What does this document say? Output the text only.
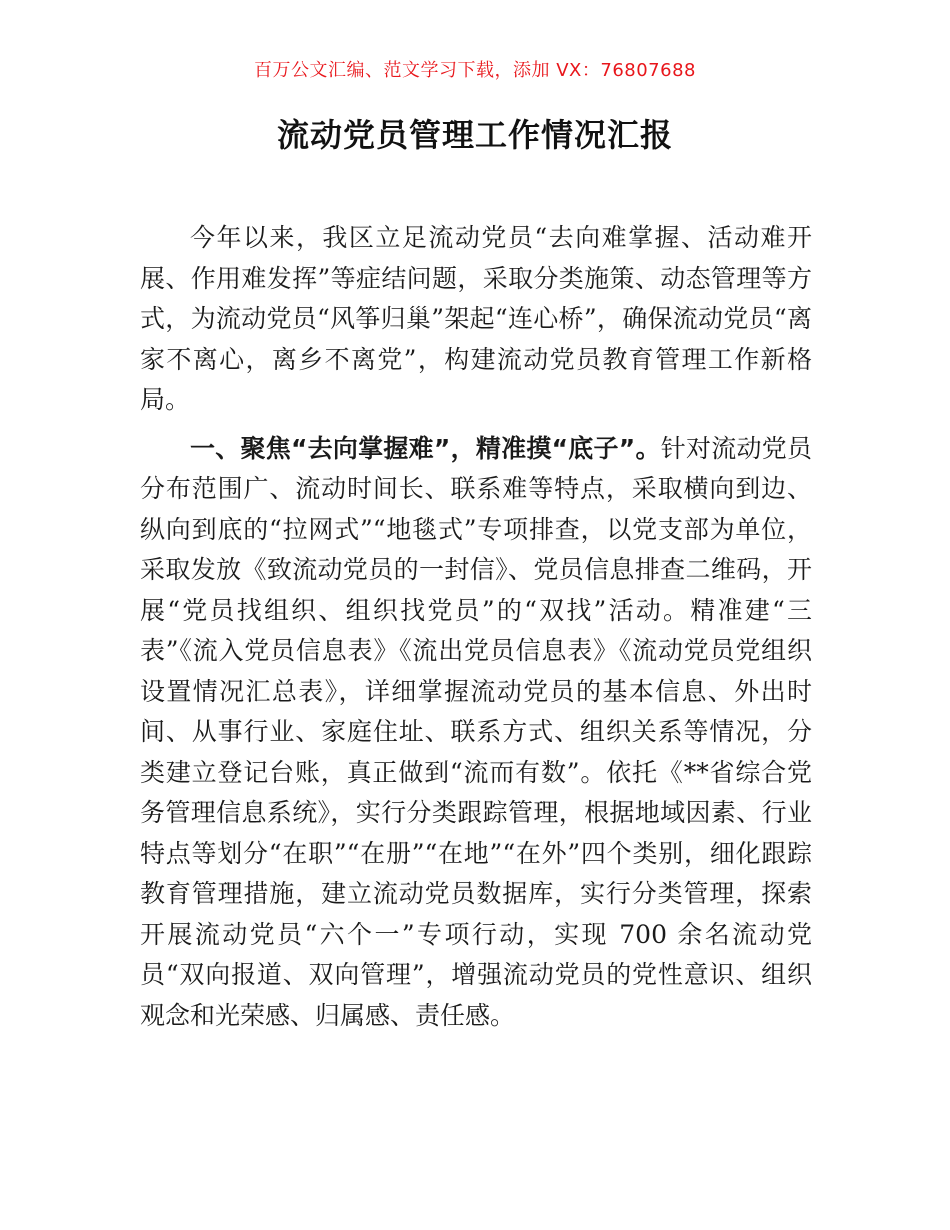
百万公文汇编、范文学习下载，添加 VX：76807688
流动党员管理工作情况汇报

今年以来，我区立足流动党员“去向难掌握、活动难开展、作用难发挥”等症结问题，采取分类施策、动态管理等方式，为流动党员“风筝归巢”架起“连心桥”，确保流动党员“离家不离心，离乡不离党”，构建流动党员教育管理工作新格局。

一、聚焦“去向掌握难”，精准摸“底子”。针对流动党员分布范围广、流动时间长、联系难等特点，采取横向到边、纵向到底的“拉网式”“地毯式”专项排查，以党支部为单位，采取发放《致流动党员的一封信》、党员信息排查二维码，开展“党员找组织、组织找党员”的“双找”活动。精准建“三表”《流入党员信息表》《流出党员信息表》《流动党员党组织设置情况汇总表》，详细掌握流动党员的基本信息、外出时间、从事行业、家庭住址、联系方式、组织关系等情况，分类建立登记台账，真正做到“流而有数”。依托《**省综合党务管理信息系统》，实行分类跟踪管理，根据地域因素、行业特点等划分“在职”“在册”“在地”“在外”四个类别，细化跟踪教育管理措施，建立流动党员数据库，实行分类管理，探索开展流动党员“六个一”专项行动，实现 700 余名流动党员“双向报道、双向管理”，增强流动党员的党性意识、组织观念和光荣感、归属感、责任感。
